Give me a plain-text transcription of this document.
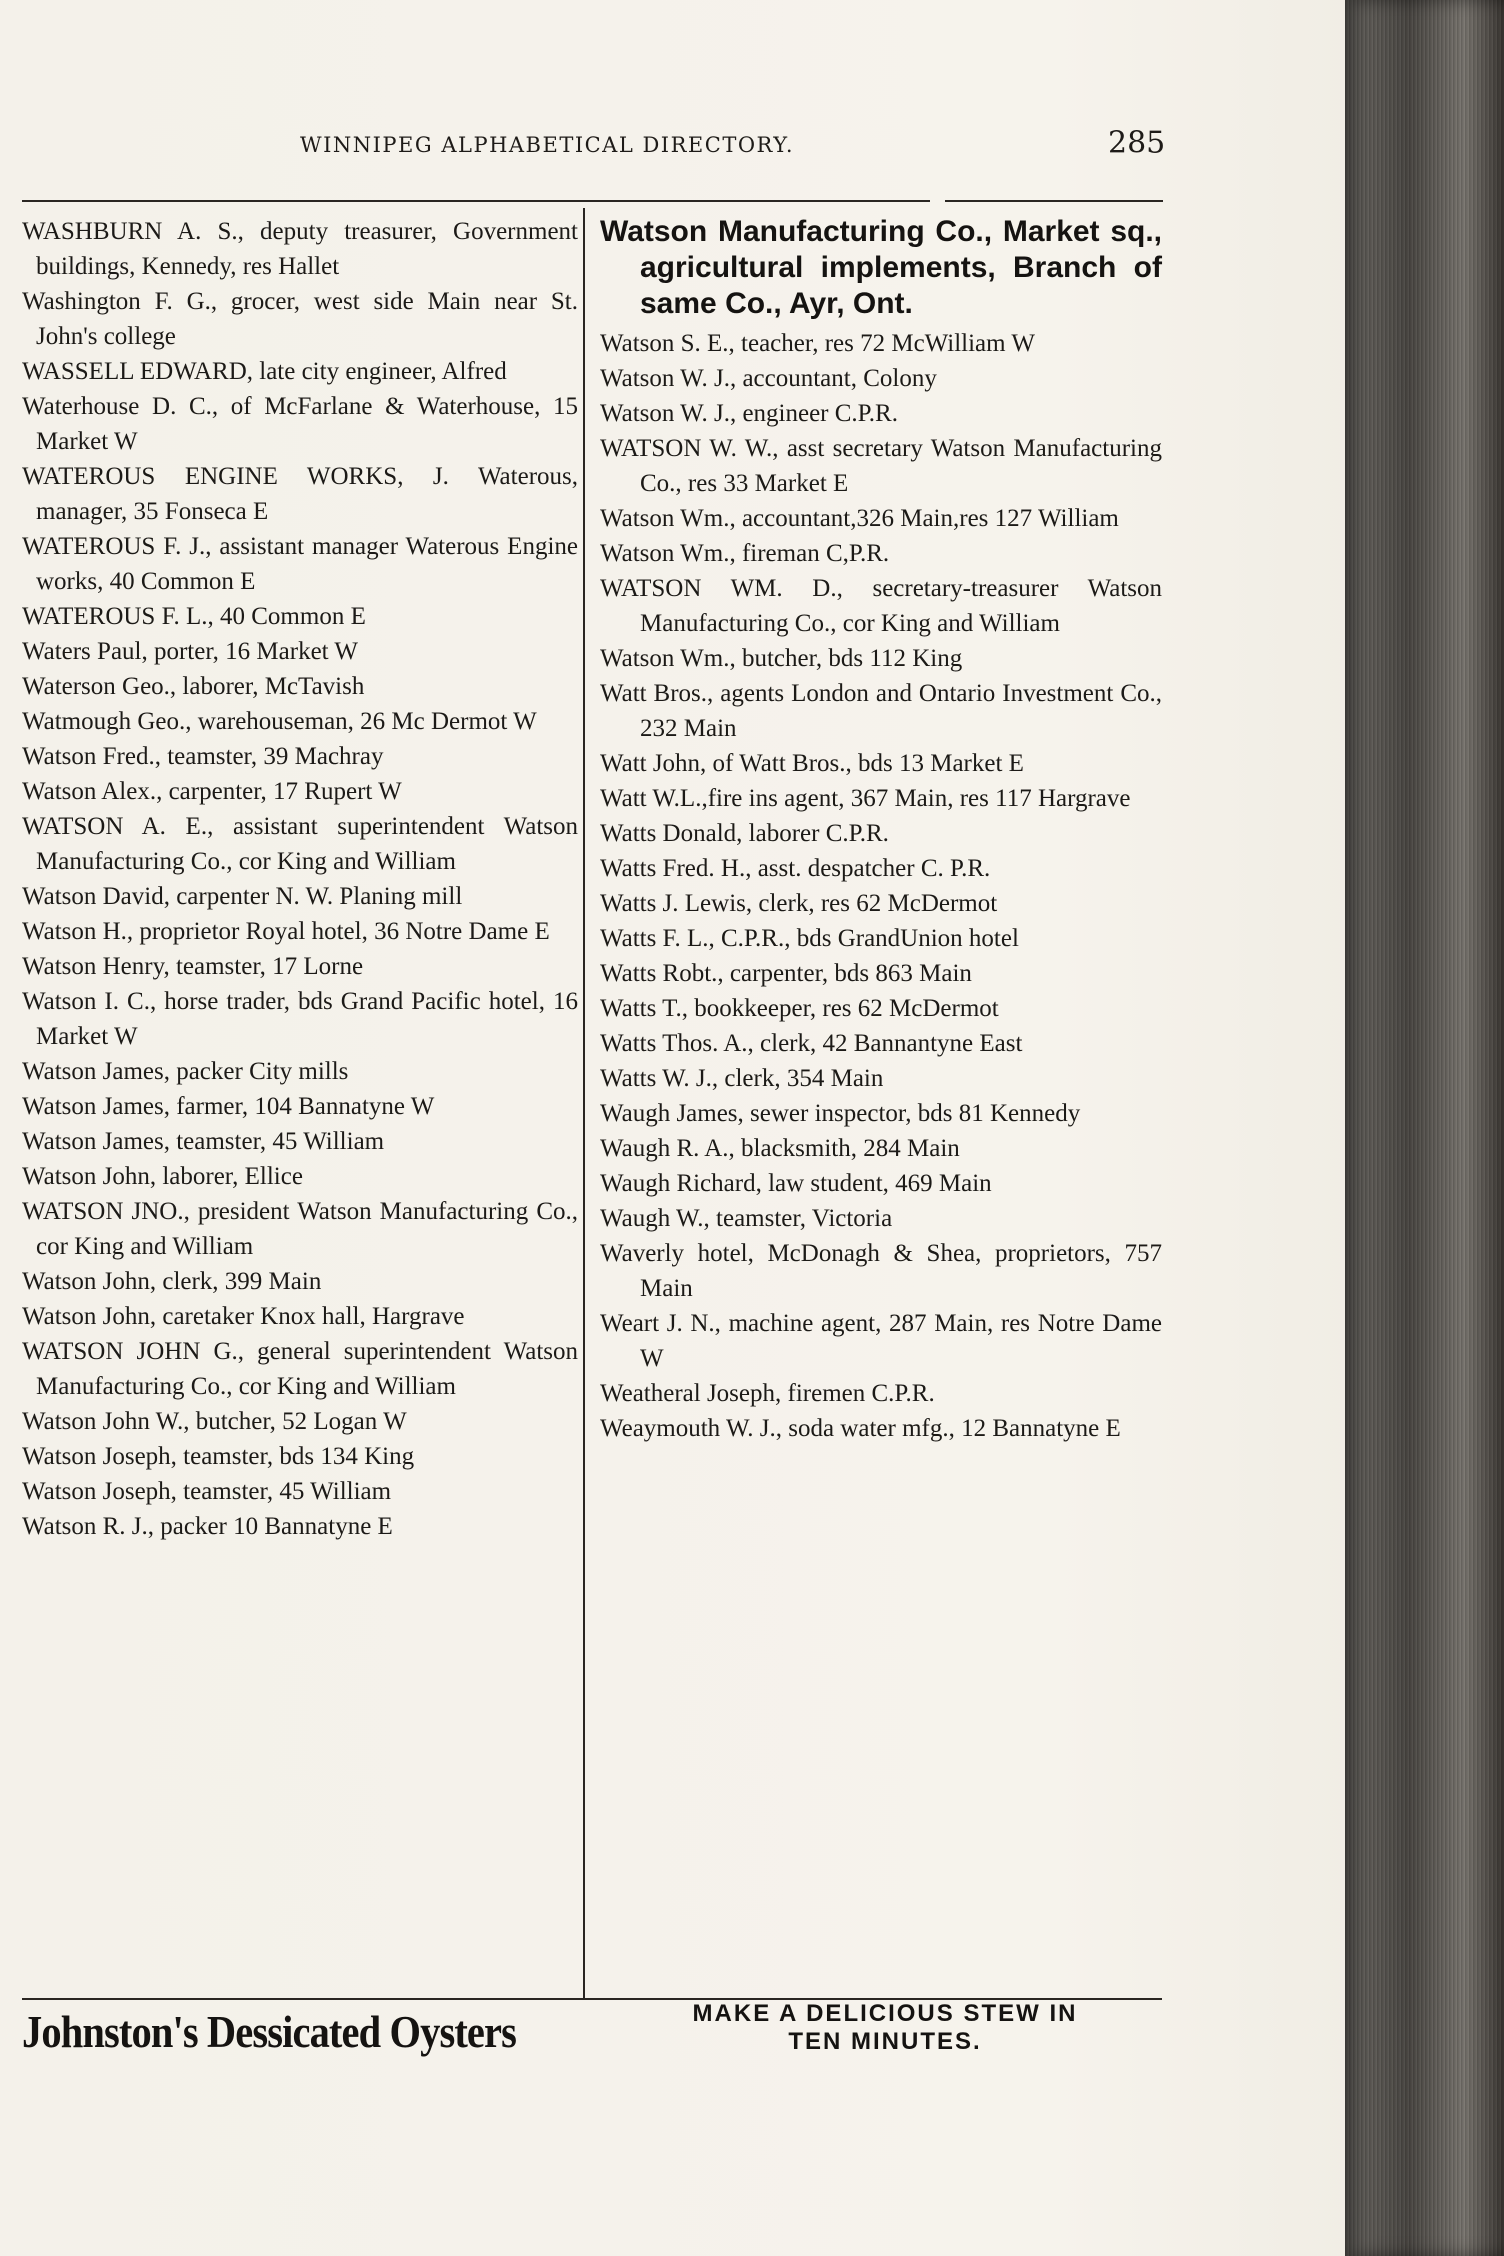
WINNIPEG ALPHABETICAL DIRECTORY.	285

WASHBURN A. S., deputy treasurer, Government buildings, Kennedy, res Hallet

Washington F. G., grocer, west side Main near St. John's college

WASSELL EDWARD, late city engineer, Alfred

Waterhouse D. C., of McFarlane & Waterhouse, 15 Market W

WATEROUS ENGINE WORKS, J. Waterous, manager, 35 Fonseca E

WATEROUS F. J., assistant manager Waterous Engine works, 40 Common E

WATEROUS F. L., 40 Common E

Waters Paul, porter, 16 Market W

Waterson Geo., laborer, McTavish

Watmough Geo., warehouseman, 26 Mc Dermot W

Watson Fred., teamster, 39 Machray

Watson Alex., carpenter, 17 Rupert W

WATSON A. E., assistant superintendent Watson Manufacturing Co., cor King and William

Watson David, carpenter N. W. Planing mill

Watson H., proprietor Royal hotel, 36 Notre Dame E

Watson Henry, teamster, 17 Lorne

Watson I. C., horse trader, bds Grand Pacific hotel, 16 Market W

Watson James, packer City mills

Watson James, farmer, 104 Bannatyne W

Watson James, teamster, 45 William

Watson John, laborer, Ellice

WATSON JNO., president Watson Manufacturing Co., cor King and William

Watson John, clerk, 399 Main

Watson John, caretaker Knox hall, Hargrave

WATSON JOHN G., general superintendent Watson Manufacturing Co., cor King and William

Watson John W., butcher, 52 Logan W

Watson Joseph, teamster, bds 134 King

Watson Joseph, teamster, 45 William

Watson R. J., packer 10 Bannatyne E

Watson Manufacturing Co., Market sq., agricultural implements, Branch of same Co., Ayr, Ont.

Watson S. E., teacher, res 72 McWilliam W

Watson W. J., accountant, Colony

Watson W. J., engineer C.P.R.

WATSON W. W., asst secretary Watson Manufacturing Co., res 33 Market E

Watson Wm., accountant,326 Main,res 127 William

Watson Wm., fireman C,P.R.

WATSON WM. D., secretary-treasurer Watson Manufacturing Co., cor King and William

Watson Wm., butcher, bds 112 King

Watt Bros., agents London and Ontario Investment Co., 232 Main

Watt John, of Watt Bros., bds 13 Market E

Watt W.L.,fire ins agent, 367 Main, res 117 Hargrave

Watts Donald, laborer C.P.R.

Watts Fred. H., asst. despatcher C. P.R.

Watts J. Lewis, clerk, res 62 McDermot

Watts F. L., C.P.R., bds GrandUnion hotel

Watts Robt., carpenter, bds 863 Main

Watts T., bookkeeper, res 62 McDermot

Watts Thos. A., clerk, 42 Bannantyne East

Watts W. J., clerk, 354 Main

Waugh James, sewer inspector, bds 81 Kennedy

Waugh R. A., blacksmith, 284 Main

Waugh Richard, law student, 469 Main

Waugh W., teamster, Victoria

Waverly hotel, McDonagh & Shea, proprietors, 757 Main

Weart J. N., machine agent, 287 Main, res Notre Dame W

Weatheral Joseph, firemen C.P.R.

Weaymouth W. J., soda water mfg., 12 Bannatyne E

Johnston's Dessicated Oysters	MAKE A DELICIOUS STEW IN
TEN MINUTES.
